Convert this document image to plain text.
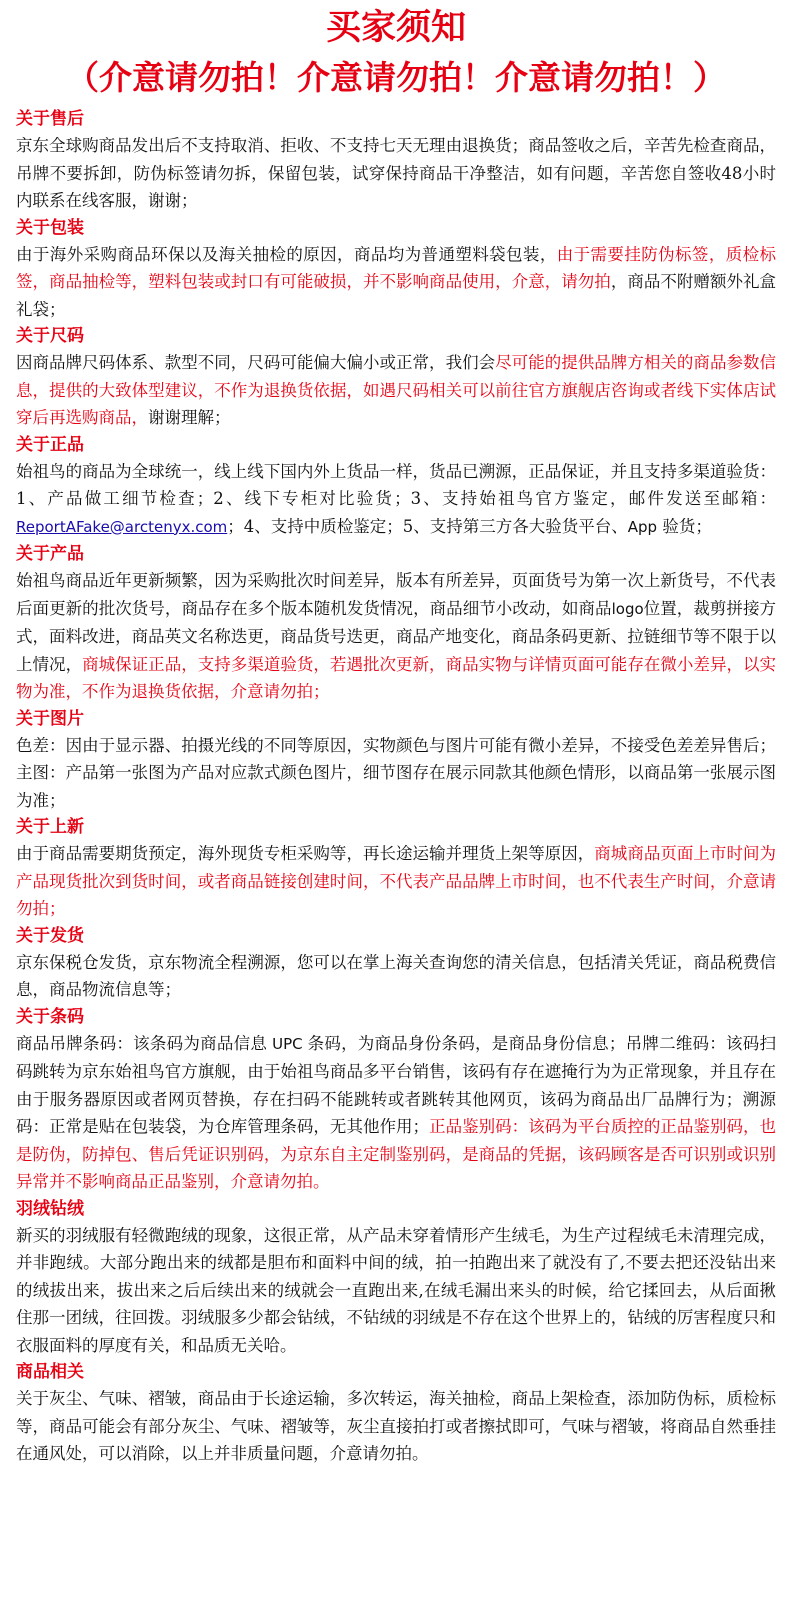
买家须知
（介意请勿拍！介意请勿拍！介意请勿拍！）
关于售后

京东全球购商品发出后不支持取消、拒收、不支持七天无理由退换货；商品签收之后，辛苦先检查商品，吊牌不要拆卸，防伪标签请勿拆，保留包装，试穿保持商品干净整洁，如有问题，辛苦您自签收48小时内联系在线客服，谢谢；

关于包装

由于海外采购商品环保以及海关抽检的原因，商品均为普通塑料袋包装，由于需要挂防伪标签，质检标签，商品抽检等，塑料包装或封口有可能破损，并不影响商品使用，介意，请勿拍，商品不附赠额外礼盒礼袋；

关于尺码

因商品牌尺码体系、款型不同，尺码可能偏大偏小或正常，我们会尽可能的提供品牌方相关的商品参数信息，提供的大致体型建议，不作为退换货依据，如遇尺码相关可以前往官方旗舰店咨询或者线下实体店试穿后再选购商品，谢谢理解；

关于正品

始祖鸟的商品为全球统一，线上线下国内外上货品一样，货品已溯源，正品保证，并且支持多渠道验货：1、产品做工细节检查；2、线下专柜对比验货；3、支持始祖鸟官方鉴定，邮件发送至邮箱：ReportAFake@arctenyx.com；4、支持中质检鉴定；5、支持第三方各大验货平台、App 验货；

关于产品

始祖鸟商品近年更新频繁，因为采购批次时间差异，版本有所差异，页面货号为第一次上新货号，不代表后面更新的批次货号，商品存在多个版本随机发货情况，商品细节小改动，如商品logo位置，裁剪拼接方式，面料改进，商品英文名称迭更，商品货号迭更，商品产地变化，商品条码更新、拉链细节等不限于以上情况，商城保证正品，支持多渠道验货，若遇批次更新，商品实物与详情页面可能存在微小差异，以实物为准，不作为退换货依据，介意请勿拍；

关于图片

色差：因由于显示器、拍摄光线的不同等原因，实物颜色与图片可能有微小差异，不接受色差差异售后；主图：产品第一张图为产品对应款式颜色图片，细节图存在展示同款其他颜色情形，以商品第一张展示图为准；

关于上新

由于商品需要期货预定，海外现货专柜采购等，再长途运输并理货上架等原因，商城商品页面上市时间为产品现货批次到货时间，或者商品链接创建时间，不代表产品品牌上市时间，也不代表生产时间，介意请勿拍；

关于发货

京东保税仓发货，京东物流全程溯源，您可以在掌上海关查询您的清关信息，包括清关凭证，商品税费信息，商品物流信息等；

关于条码

商品吊牌条码：该条码为商品信息 UPC 条码，为商品身份条码，是商品身份信息；吊牌二维码：该码扫码跳转为京东始祖鸟官方旗舰，由于始祖鸟商品多平台销售，该码有存在遮掩行为为正常现象，并且存在由于服务器原因或者网页替换，存在扫码不能跳转或者跳转其他网页，该码为商品出厂品牌行为；溯源码：正常是贴在包装袋，为仓库管理条码，无其他作用；正品鉴别码：该码为平台质控的正品鉴别码，也是防伪，防掉包、售后凭证识别码，为京东自主定制鉴别码，是商品的凭据，该码顾客是否可识别或识别异常并不影响商品正品鉴别，介意请勿拍。

羽绒钻绒

新买的羽绒服有轻微跑绒的现象，这很正常，从产品未穿着情形产生绒毛，为生产过程绒毛未清理完成，并非跑绒。大部分跑出来的绒都是胆布和面料中间的绒，拍一拍跑出来了就没有了,不要去把还没钻出来的绒拔出来，拔出来之后后续出来的绒就会一直跑出来,在绒毛漏出来头的时候，给它揉回去，从后面揪住那一团绒，往回拨。羽绒服多少都会钻绒，不钻绒的羽绒是不存在这个世界上的，钻绒的厉害程度只和衣服面料的厚度有关，和品质无关哈。

商品相关

关于灰尘、气味、褶皱，商品由于长途运输，多次转运，海关抽检，商品上架检查，添加防伪标，质检标等，商品可能会有部分灰尘、气味、褶皱等，灰尘直接拍打或者擦拭即可，气味与褶皱，将商品自然垂挂在通风处，可以消除，以上并非质量问题，介意请勿拍。
